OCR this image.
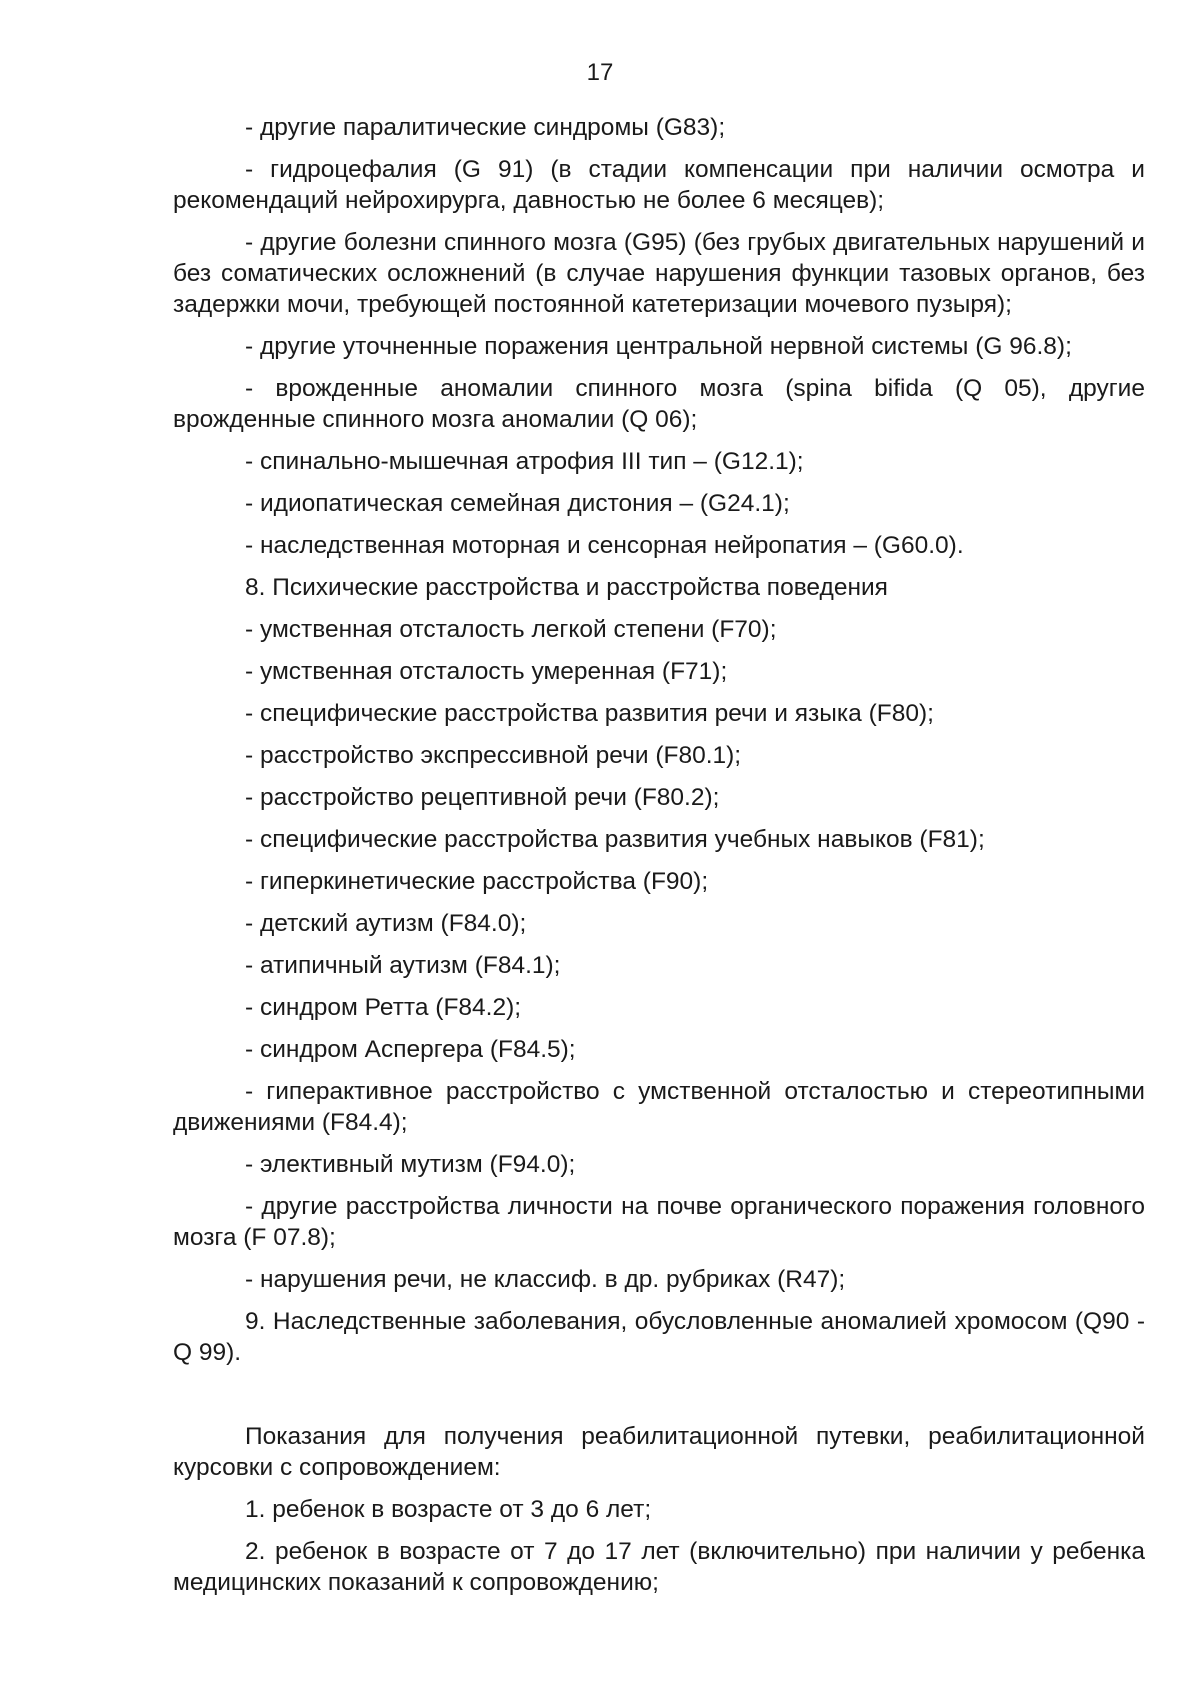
17

- другие паралитические синдромы (G83);

- гидроцефалия (G 91) (в стадии компенсации при наличии осмотра и рекомендаций нейрохирурга, давностью не более 6 месяцев);

- другие болезни спинного мозга (G95) (без грубых двигательных нарушений и без соматических осложнений (в случае нарушения функции тазовых органов, без задержки мочи, требующей постоянной катетеризации мочевого пузыря);

- другие уточненные поражения центральной нервной системы (G 96.8);

- врожденные аномалии спинного мозга (spina bifida (Q 05), другие врожденные спинного мозга аномалии (Q 06);

- спинально-мышечная атрофия III тип – (G12.1);

- идиопатическая семейная дистония – (G24.1);

- наследственная моторная и сенсорная нейропатия – (G60.0).

8. Психические расстройства и расстройства поведения

- умственная отсталость легкой степени (F70);

- умственная отсталость умеренная (F71);

- специфические расстройства развития речи и языка (F80);

- расстройство экспрессивной речи (F80.1);

- расстройство рецептивной речи (F80.2);

- специфические расстройства развития учебных навыков (F81);

- гиперкинетические расстройства (F90);

- детский аутизм (F84.0);

- атипичный аутизм (F84.1);

- синдром Ретта (F84.2);

- синдром Аспергера (F84.5);

- гиперактивное расстройство с умственной отсталостью и стереотипными движениями (F84.4);

- элективный мутизм (F94.0);

- другие расстройства личности на почве органического поражения головного мозга (F 07.8);

- нарушения речи, не классиф. в др. рубриках (R47);

9. Наследственные заболевания, обусловленные аномалией хромосом (Q90 - Q 99).

Показания для получения реабилитационной путевки, реабилитационной курсовки с сопровождением:

1. ребенок в возрасте от 3 до 6 лет;

2. ребенок в возрасте от 7 до 17 лет (включительно) при наличии у ребенка медицинских показаний к сопровождению;
